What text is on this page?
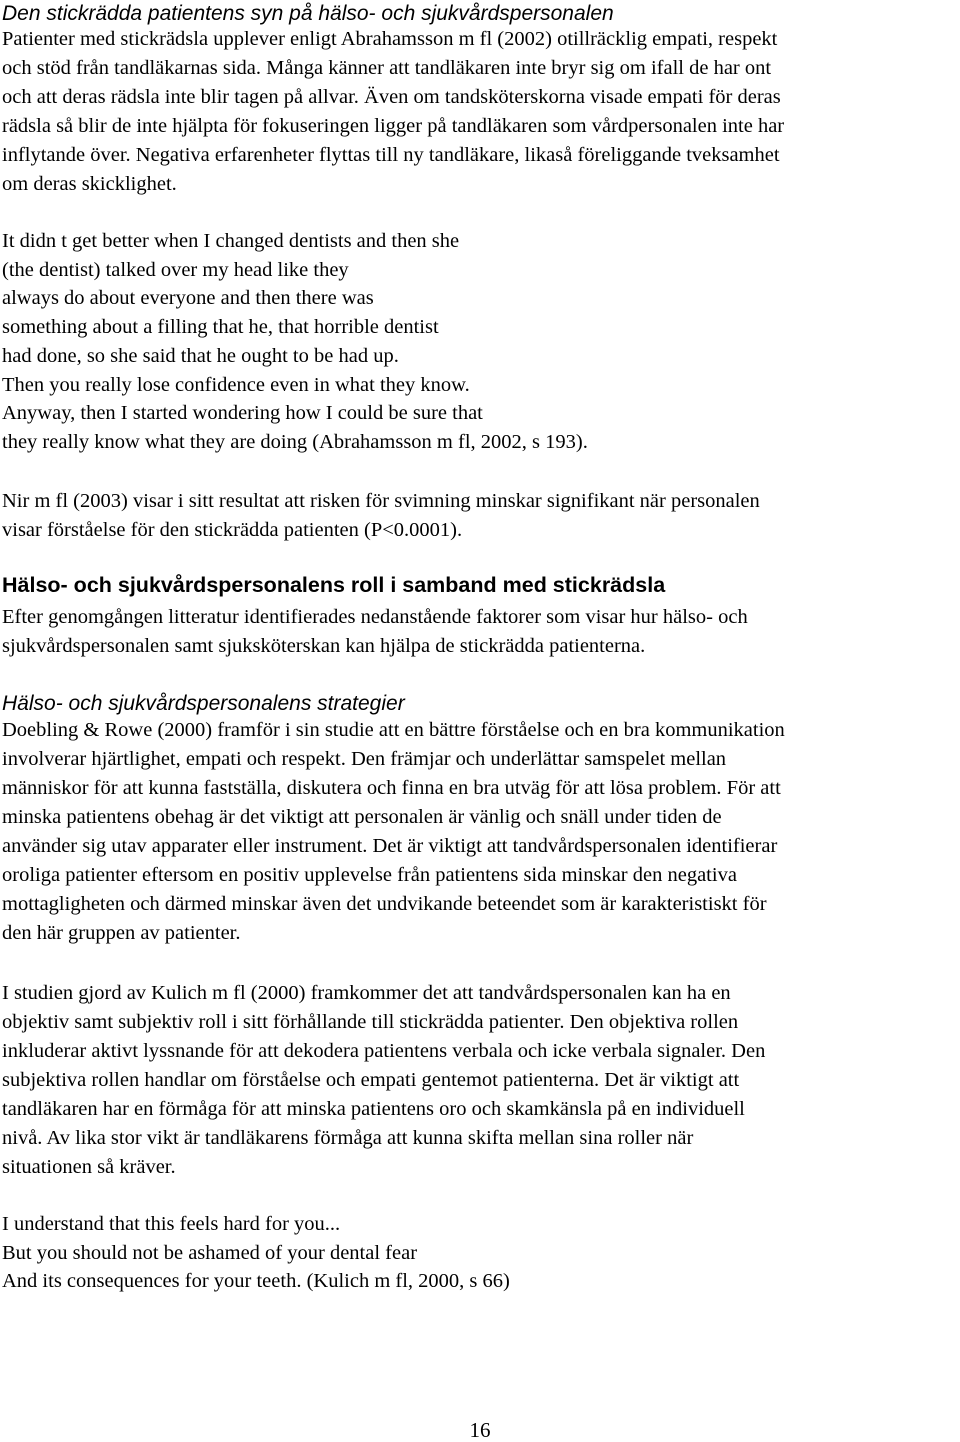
Den stickrädda patientens syn på hälso- och sjukvårdspersonalen
Patienter med stickrädsla upplever enligt Abrahamsson m fl (2002) otillräcklig empati, respekt
och stöd från tandläkarnas sida. Många känner att tandläkaren inte bryr sig om ifall de har ont
och att deras rädsla inte blir tagen på allvar. Även om tandsköterskorna visade empati för deras
rädsla så blir de inte hjälpta för fokuseringen ligger på tandläkaren som vårdpersonalen inte har
inflytande över. Negativa erfarenheter flyttas till ny tandläkare, likaså föreliggande tveksamhet
om deras skicklighet.
It didn t get better when I changed dentists and then she
(the dentist) talked over my head like they
always do about everyone and then there was
something about a filling that he, that horrible dentist
had done, so she said that he ought to be had up.
Then you really lose confidence even in what they know.
Anyway, then I started wondering how I could be sure that
they really know what they are doing (Abrahamsson m fl, 2002, s 193).
Nir m fl (2003) visar i sitt resultat att risken för svimning minskar signifikant när personalen
visar förståelse för den stickrädda patienten (P<0.0001).
Hälso- och sjukvårdspersonalens roll i samband med stickrädsla
Efter genomgången litteratur identifierades nedanstående faktorer som visar hur hälso- och
sjukvårdspersonalen samt sjuksköterskan kan hjälpa de stickrädda patienterna.
Hälso- och sjukvårdspersonalens strategier
Doebling & Rowe (2000) framför i sin studie att en bättre förståelse och en bra kommunikation
involverar hjärtlighet, empati och respekt. Den främjar och underlättar samspelet mellan
människor för att kunna fastställa, diskutera och finna en bra utväg för att lösa problem. För att
minska patientens obehag är det viktigt att personalen är vänlig och snäll under tiden de
använder sig utav apparater eller instrument. Det är viktigt att tandvårdspersonalen identifierar
oroliga patienter eftersom en positiv upplevelse från patientens sida minskar den negativa
mottagligheten och därmed minskar även det undvikande beteendet som är karakteristiskt för
den här gruppen av patienter.
I studien gjord av Kulich m fl (2000) framkommer det att tandvårdspersonalen kan ha en
objektiv samt subjektiv roll i sitt förhållande till stickrädda patienter. Den objektiva rollen
inkluderar aktivt lyssnande för att dekodera patientens verbala och icke verbala signaler. Den
subjektiva rollen handlar om förståelse och empati gentemot patienterna. Det är viktigt att
tandläkaren har en förmåga för att minska patientens oro och skamkänsla på en individuell
nivå. Av lika stor vikt är tandläkarens förmåga att kunna skifta mellan sina roller när
situationen så kräver.
I understand that this feels hard for you...
But you should not be ashamed of your dental fear
And its consequences for your teeth. (Kulich m fl, 2000, s 66)
16
